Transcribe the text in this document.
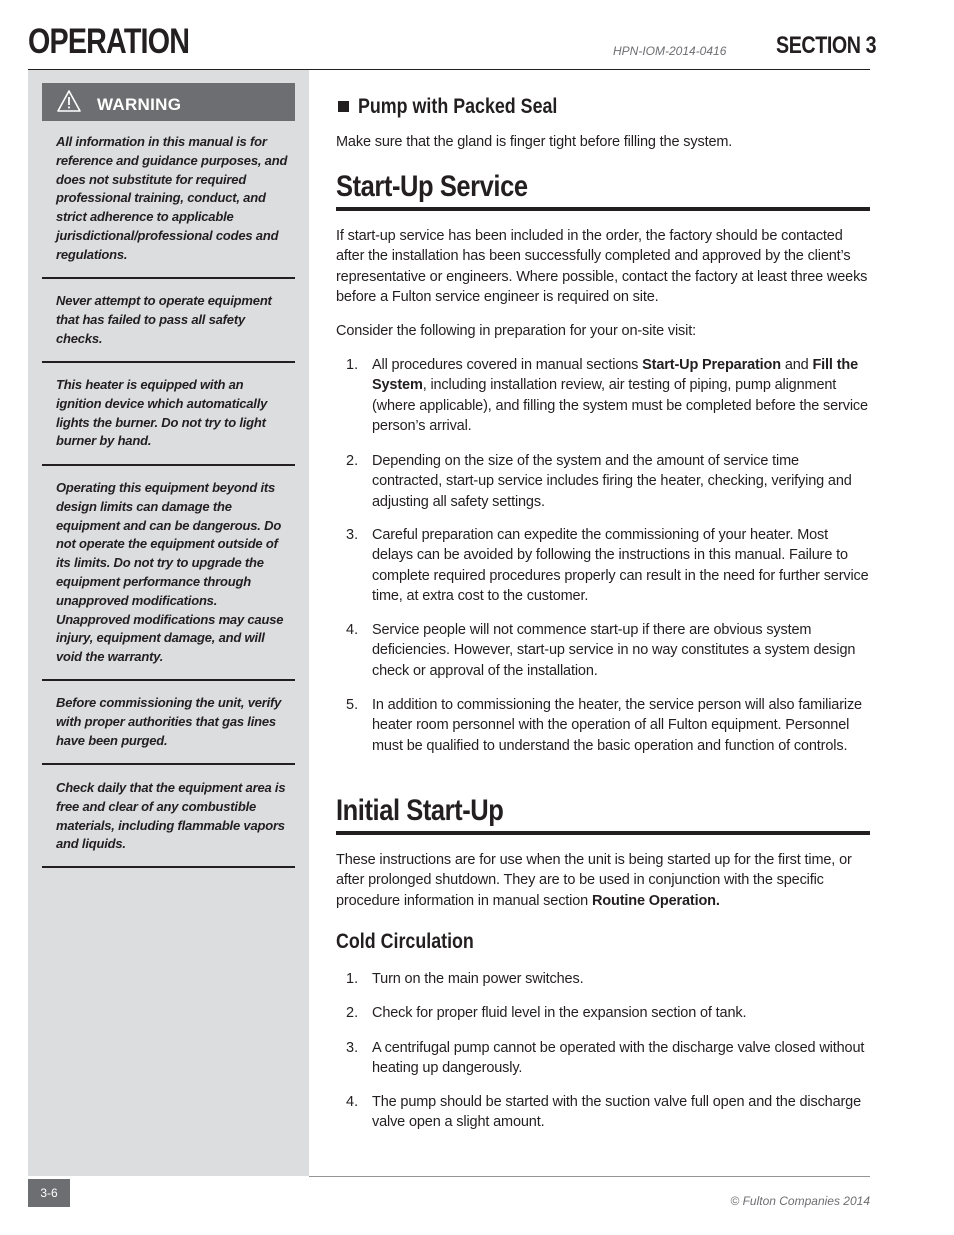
OPERATION	HPN-IOM-2014-0416 SECTION 3
WARNING

All information in this manual is for reference and guidance purposes, and does not substitute for required professional training, conduct, and strict adherence to applicable jurisdictional/professional codes and regulations.

Never attempt to operate equipment that has failed to pass all safety checks.

This heater is equipped with an ignition device which automatically lights the burner. Do not try to light burner by hand.

Operating this equipment beyond its design limits can damage the equipment and can be dangerous. Do not operate the equipment outside of its limits. Do not try to upgrade the equipment performance through unapproved modifications. Unapproved modifications may cause injury, equipment damage, and will void the warranty.

Before commissioning the unit, verify with proper authorities that gas lines have been purged.

Check daily that the equipment area is free and clear of any combustible materials, including flammable vapors and liquids.

Pump with Packed Seal

Make sure that the gland is finger tight before filling the system.

Start-Up Service

If start-up service has been included in the order, the factory should be contacted after the installation has been successfully completed and approved by the client’s representative or engineers. Where possible, contact the factory at least three weeks before a Fulton service engineer is required on site.

Consider the following in preparation for your on-site visit:

1. All procedures covered in manual sections Start-Up Preparation and Fill the System, including installation review, air testing of piping, pump alignment (where applicable), and filling the system must be completed before the service person’s arrival.

2. Depending on the size of the system and the amount of service time contracted, start-up service includes firing the heater, checking, verifying and adjusting all safety settings.

3. Careful preparation can expedite the commissioning of your heater. Most delays can be avoided by following the instructions in this manual. Failure to complete required procedures properly can result in the need for further service time, at extra cost to the customer.

4. Service people will not commence start-up if there are obvious system deficiencies. However, start-up service in no way constitutes a system design check or approval of the installation.

5. In addition to commissioning the heater, the service person will also familiarize heater room personnel with the operation of all Fulton equipment. Personnel must be qualified to understand the basic operation and function of controls.

Initial Start-Up

These instructions are for use when the unit is being started up for the first time, or after prolonged shutdown. They are to be used in conjunction with the specific procedure information in manual section Routine Operation.

Cold Circulation
1. Turn on the main power switches.

2. Check for proper fluid level in the expansion section of tank.

3. A centrifugal pump cannot be operated with the discharge valve closed without heating up dangerously.

4. The pump should be started with the suction valve full open and the discharge valve open a slight amount.

3-6
© Fulton Companies 2014
